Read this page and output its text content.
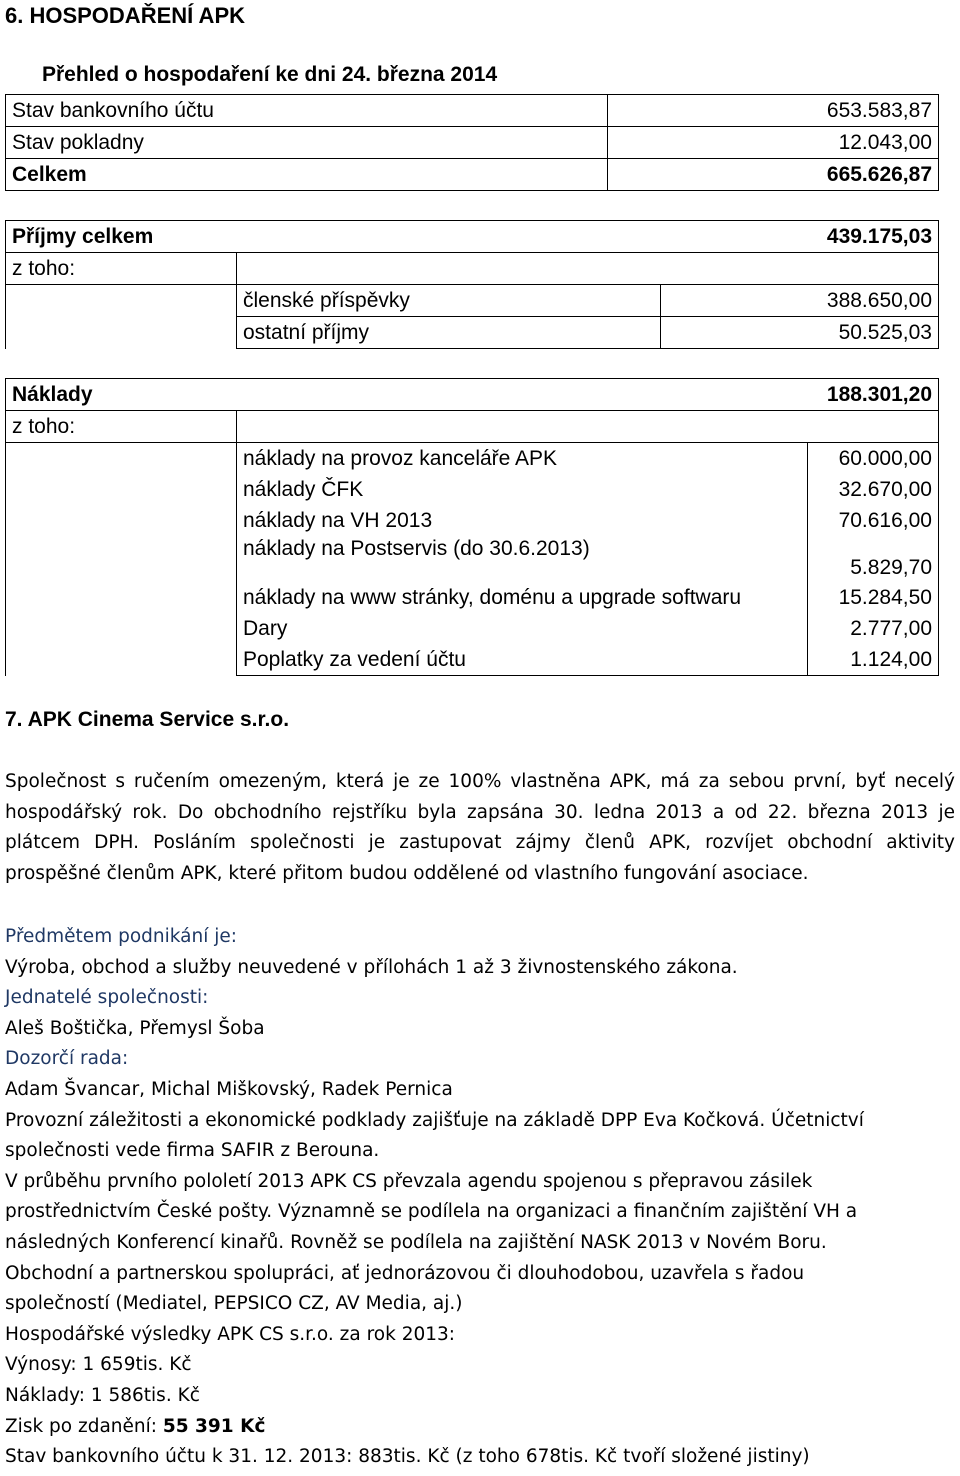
6. HOSPODAŘENÍ APK
Přehled o hospodaření ke dni 24. března 2014
Stav bankovního účtu	653.583,87
Stav pokladny	12.043,00
Celkem	665.626,87
Příjmy celkem		439.175,03
z toho:		
	členské příspěvky	388.650,00
	ostatní příjmy	50.525,03
Náklady		188.301,20
z toho:		
	náklady na provoz kanceláře APK	60.000,00
	náklady ČFK	32.670,00
	náklady na VH 2013	70.616,00
	náklady na Postservis (do 30.6.2013)	5.829,70
	náklady na www stránky, doménu a upgrade softwaru	15.284,50
	Dary	2.777,00
	Poplatky za vedení účtu	1.124,00
7. APK Cinema Service s.r.o.
Společnost s ručením omezeným, která je ze 100% vlastněna APK, má za sebou první, byť necelý hospodářský rok. Do obchodního rejstříku byla zapsána 30. ledna 2013 a od 22. března 2013 je plátcem DPH. Posláním společnosti je zastupovat zájmy členů APK, rozvíjet obchodní aktivity prospěšné členům APK, které přitom budou oddělené od vlastního fungování asociace.
Předmětem podnikání je:
Výroba, obchod a služby neuvedené v přílohách 1 až 3 živnostenského zákona.
Jednatelé společnosti:
Aleš Boštička, Přemysl Šoba
Dozorčí rada:
Adam Švancar, Michal Miškovský, Radek Pernica
Provozní záležitosti a ekonomické podklady zajišťuje na základě DPP Eva Kočková. Účetnictví
společnosti vede firma SAFIR z Berouna.
V průběhu prvního pololetí 2013 APK CS převzala agendu spojenou s přepravou zásilek
prostřednictvím České pošty. Významně se podílela na organizaci a finančním zajištění VH a
následných Konferencí kinařů. Rovněž se podílela na zajištění NASK 2013 v Novém Boru.
Obchodní a partnerskou spolupráci, ať jednorázovou či dlouhodobou, uzavřela s řadou
společností (Mediatel, PEPSICO CZ, AV Media, aj.)
Hospodářské výsledky APK CS s.r.o. za rok 2013:
Výnosy: 1 659tis. Kč
Náklady: 1 586tis. Kč
Zisk po zdanění: 55 391 Kč
Stav bankovního účtu k 31. 12. 2013: 883tis. Kč (z toho 678tis. Kč tvoří složené jistiny)
